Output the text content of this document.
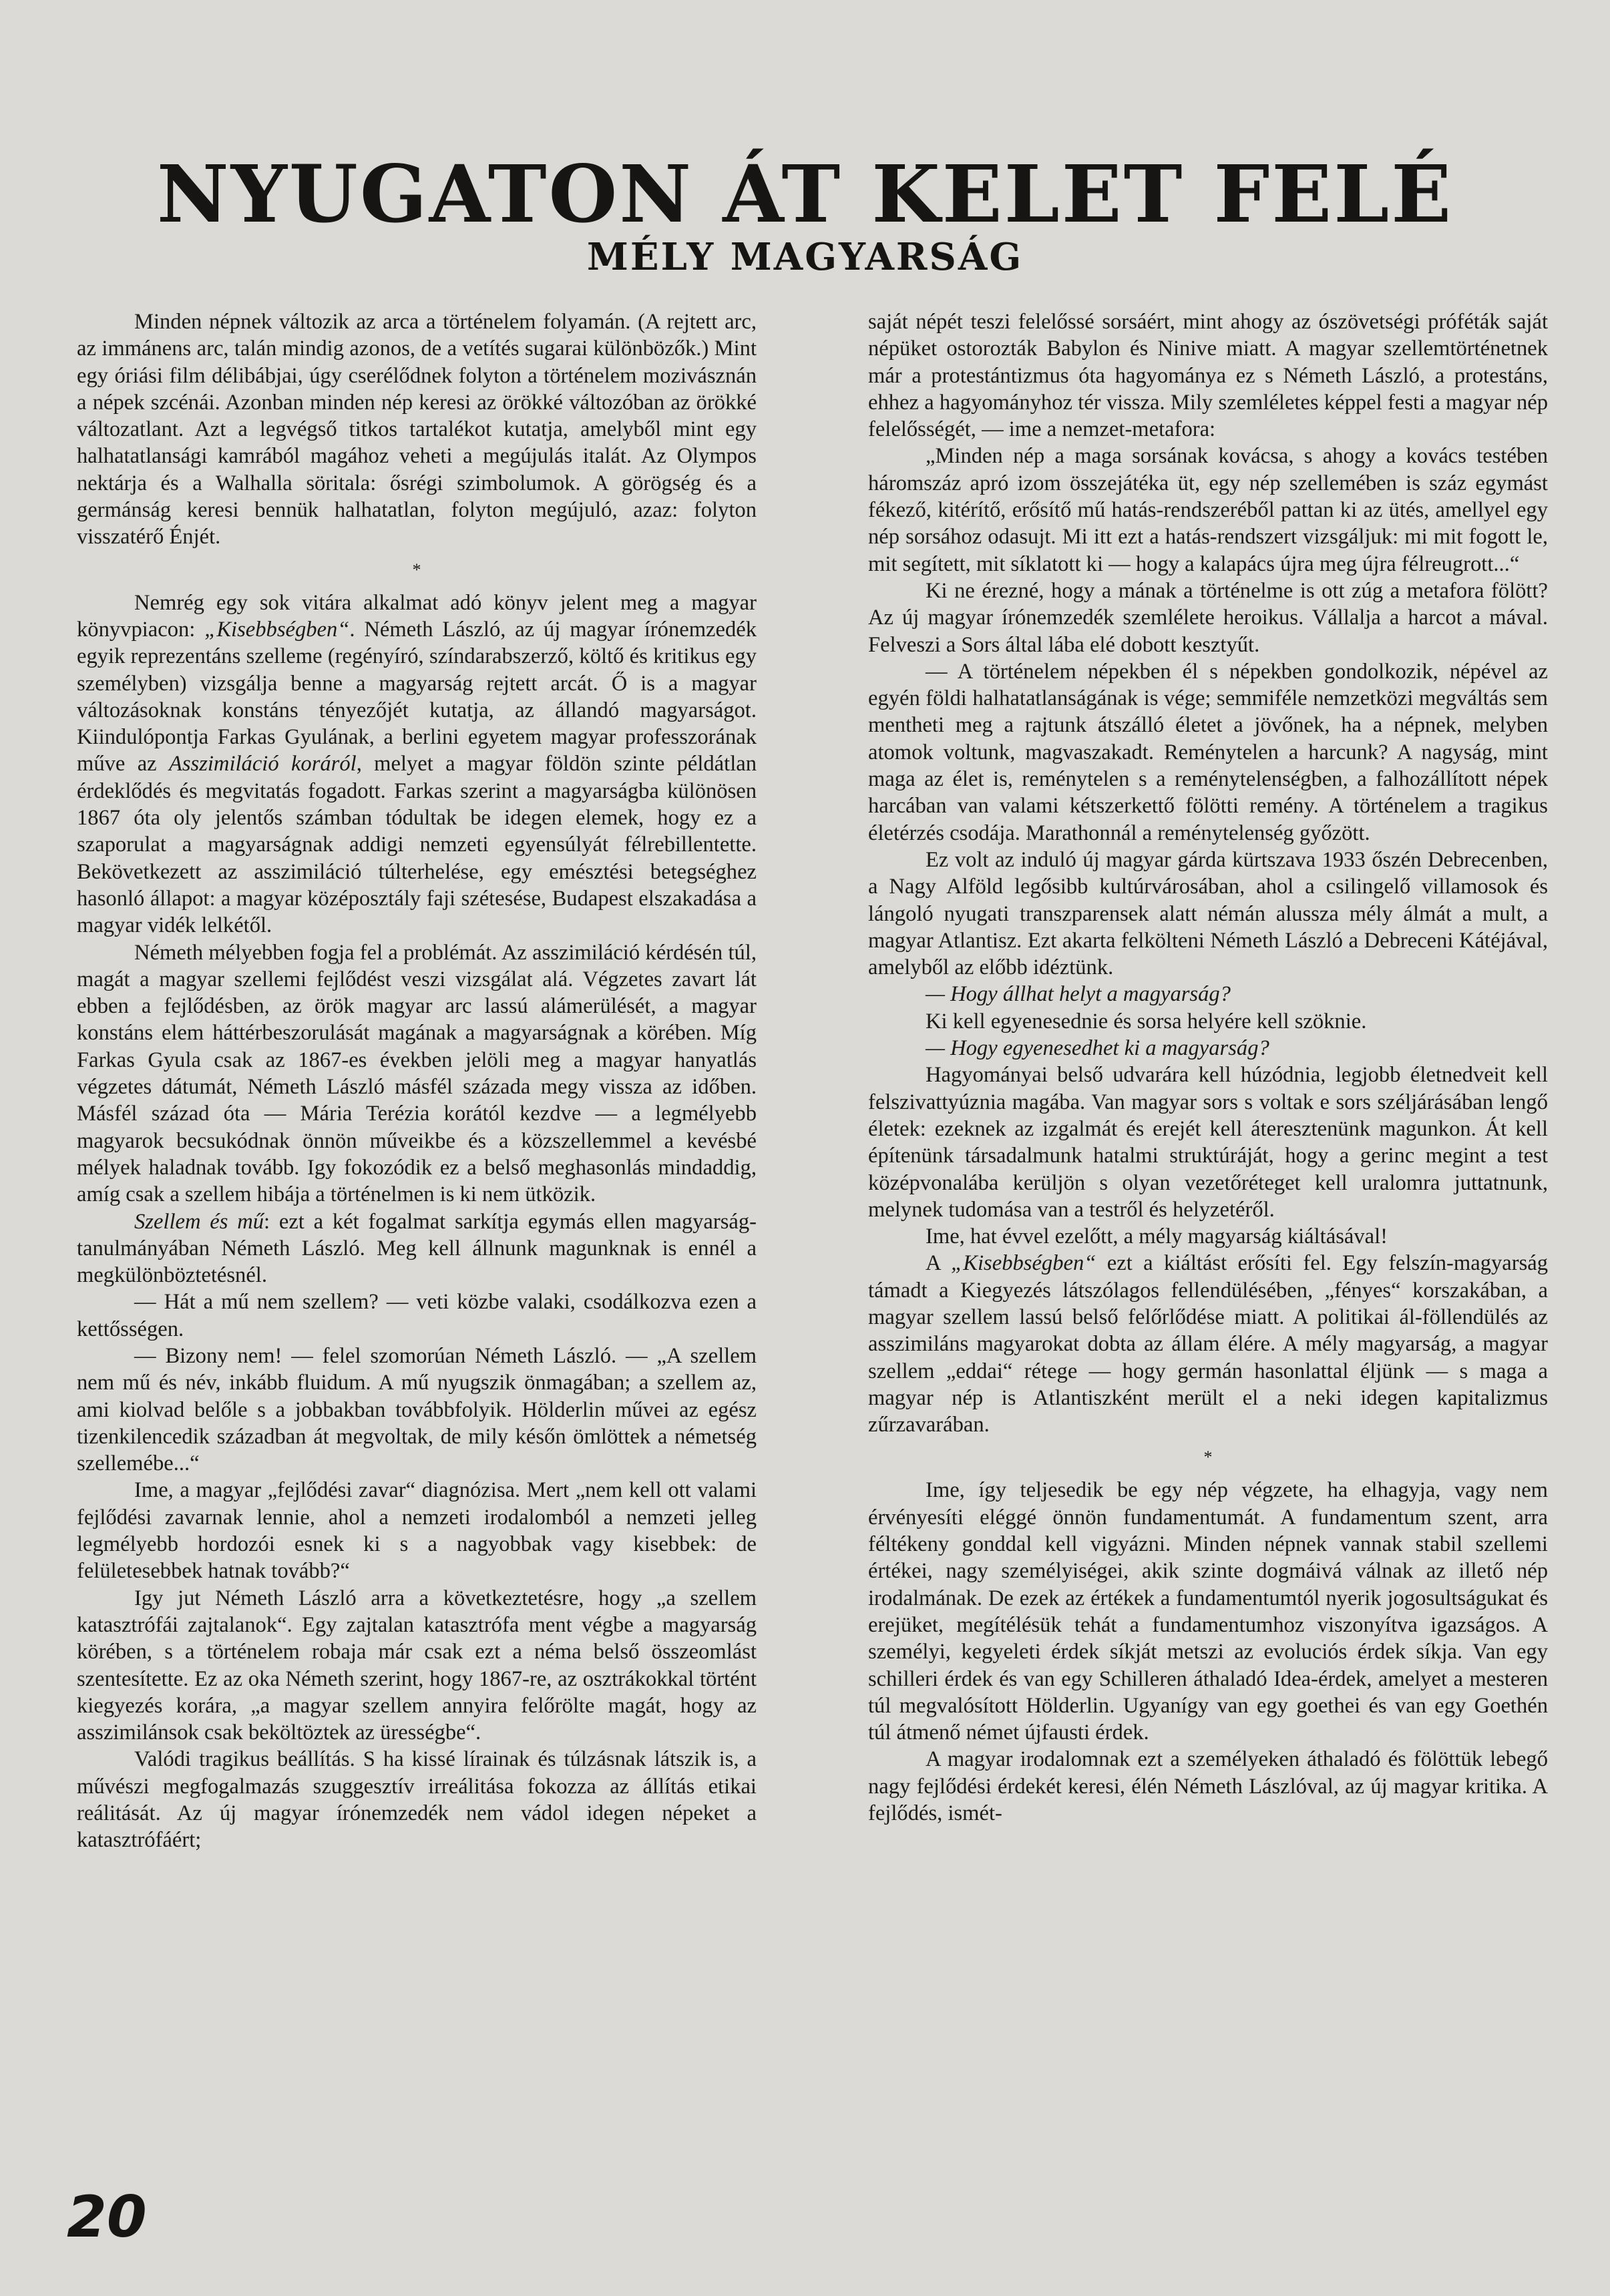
NYUGATON ÁT KELET FELÉ
MÉLY MAGYARSÁG

Minden népnek változik az arca a történelem folyamán. (A rejtett arc, az immánens arc, talán mindig azonos, de a vetítés sugarai különbözők.) Mint egy óriási film délibábjai, úgy cserélődnek folyton a történelem mozivásznán a népek szcénái. Azonban minden nép keresi az örökké változóban az örökké változatlant. Azt a legvégső titkos tartalékot kutatja, amelyből mint egy halhatatlansági kamrából magához veheti a megújulás italát. Az Olympos nektárja és a Walhalla söritala: ősrégi szimbolumok. A görögség és a germánság keresi bennük halhatatlan, folyton megújuló, azaz: folyton visszatérő Énjét.

*

Nemrég egy sok vitára alkalmat adó könyv jelent meg a magyar könyvpiacon: „Kisebbségben“. Németh László, az új magyar írónemzedék egyik reprezentáns szelleme (regényíró, színdarabszerző, költő és kritikus egy személyben) vizsgálja benne a magyarság rejtett arcát. Ő is a magyar változásoknak konstáns tényezőjét kutatja, az állandó magyarságot. Kiindulópontja Farkas Gyulának, a berlini egyetem magyar professzorának műve az Asszimiláció koráról, melyet a magyar földön szinte példátlan érdeklődés és megvitatás fogadott. Farkas szerint a magyarságba különösen 1867 óta oly jelentős számban tódultak be idegen elemek, hogy ez a szaporulat a magyarságnak addigi nemzeti egyensúlyát félrebillentette. Bekövetkezett az asszimiláció túlterhelése, egy emésztési betegséghez hasonló állapot: a magyar középosztály faji szétesése, Budapest elszakadása a magyar vidék lelkétől.

Németh mélyebben fogja fel a problémát. Az asszimiláció kérdésén túl, magát a magyar szellemi fejlődést veszi vizsgálat alá. Végzetes zavart lát ebben a fejlődésben, az örök magyar arc lassú alámerülését, a magyar konstáns elem háttérbeszorulását magának a magyarságnak a körében. Míg Farkas Gyula csak az 1867-es években jelöli meg a magyar hanyatlás végzetes dátumát, Németh László másfél százada megy vissza az időben. Másfél század óta — Mária Terézia korától kezdve — a legmélyebb magyarok becsukódnak önnön műveikbe és a közszellemmel a kevésbé mélyek haladnak tovább. Igy fokozódik ez a belső meghasonlás mindaddig, amíg csak a szellem hibája a történelmen is ki nem ütközik.

Szellem és mű: ezt a két fogalmat sarkítja egymás ellen magyarság-tanulmányában Németh László. Meg kell állnunk magunknak is ennél a megkülönböztetésnél.

— Hát a mű nem szellem? — veti közbe valaki, csodálkozva ezen a kettősségen.

— Bizony nem! — felel szomorúan Németh László. — „A szellem nem mű és név, inkább fluidum. A mű nyugszik önmagában; a szellem az, ami kiolvad belőle s a jobbakban továbbfolyik. Hölderlin művei az egész tizenkilencedik században át megvoltak, de mily későn ömlöttek a németség szellemébe...“

Ime, a magyar „fejlődési zavar“ diagnózisa. Mert „nem kell ott valami fejlődési zavarnak lennie, ahol a nemzeti irodalomból a nemzeti jelleg legmélyebb hordozói esnek ki s a nagyobbak vagy kisebbek: de felületesebbek hatnak tovább?“

Igy jut Németh László arra a következtetésre, hogy „a szellem katasztrófái zajtalanok“. Egy zajtalan katasztrófa ment végbe a magyarság körében, s a történelem robaja már csak ezt a néma belső összeomlást szentesítette. Ez az oka Németh szerint, hogy 1867-re, az osztrákokkal történt kiegyezés korára, „a magyar szellem annyira felőrölte magát, hogy az asszimilánsok csak beköltöztek az ürességbe“.

Valódi tragikus beállítás. S ha kissé lírainak és túlzásnak látszik is, a művészi megfogalmazás szuggesztív irreálitása fokozza az állítás etikai reálitását. Az új magyar írónemzedék nem vádol idegen népeket a katasztrófáért;

saját népét teszi felelőssé sorsáért, mint ahogy az ószövetségi próféták saját népüket ostorozták Babylon és Ninive miatt. A magyar szellemtörténetnek már a protestántizmus óta hagyománya ez s Németh László, a protestáns, ehhez a hagyományhoz tér vissza. Mily szemléletes képpel festi a magyar nép felelősségét, — ime a nemzet-metafora:

„Minden nép a maga sorsának kovácsa, s ahogy a kovács testében háromszáz apró izom összejátéka üt, egy nép szellemében is száz egymást fékező, kitérítő, erősítő mű hatás-rendszeréből pattan ki az ütés, amellyel egy nép sorsához odasujt. Mi itt ezt a hatás-rendszert vizsgáljuk: mi mit fogott le, mit segített, mit síklatott ki — hogy a kalapács újra meg újra félreugrott...“

Ki ne érezné, hogy a mának a történelme is ott zúg a metafora fölött? Az új magyar írónemzedék szemlélete heroikus. Vállalja a harcot a mával. Felveszi a Sors által lába elé dobott kesztyűt.

— A történelem népekben él s népekben gondolkozik, népével az egyén földi halhatatlanságának is vége; semmiféle nemzetközi megváltás sem mentheti meg a rajtunk átszálló életet a jövőnek, ha a népnek, melyben atomok voltunk, magvaszakadt. Reménytelen a harcunk? A nagyság, mint maga az élet is, reménytelen s a reménytelenségben, a falhozállított népek harcában van valami kétszerkettő fölötti remény. A történelem a tragikus életérzés csodája. Marathonnál a reménytelenség győzött.

Ez volt az induló új magyar gárda kürtszava 1933 őszén Debrecenben, a Nagy Alföld legősibb kultúrvárosában, ahol a csilingelő villamosok és lángoló nyugati transzparensek alatt némán alussza mély álmát a mult, a magyar Atlantisz. Ezt akarta felkölteni Németh László a Debreceni Kátéjával, amelyből az előbb idéztünk.

— Hogy állhat helyt a magyarság?

Ki kell egyenesednie és sorsa helyére kell szöknie.

— Hogy egyenesedhet ki a magyarság?

Hagyományai belső udvarára kell húzódnia, legjobb életnedveit kell felszivattyúznia magába. Van magyar sors s voltak e sors széljárásában lengő életek: ezeknek az izgalmát és erejét kell áteresztenünk magunkon. Át kell építenünk társadalmunk hatalmi struktúráját, hogy a gerinc megint a test középvonalába kerüljön s olyan vezetőréteget kell uralomra juttatnunk, melynek tudomása van a testről és helyzetéről.

Ime, hat évvel ezelőtt, a mély magyarság kiáltásával!

A „Kisebbségben“ ezt a kiáltást erősíti fel. Egy felszín-magyarság támadt a Kiegyezés látszólagos fellendülésében, „fényes“ korszakában, a magyar szellem lassú belső felőrlődése miatt. A politikai ál-föllendülés az asszimiláns magyarokat dobta az állam élére. A mély magyarság, a magyar szellem „eddai“ rétege — hogy germán hasonlattal éljünk — s maga a magyar nép is Atlantiszként merült el a neki idegen kapitalizmus zűrzavarában.

*

Ime, így teljesedik be egy nép végzete, ha elhagyja, vagy nem érvényesíti eléggé önnön fundamentumát. A fundamentum szent, arra féltékeny gonddal kell vigyázni. Minden népnek vannak stabil szellemi értékei, nagy személyiségei, akik szinte dogmáivá válnak az illető nép irodalmának. De ezek az értékek a fundamentumtól nyerik jogosultságukat és erejüket, megítélésük tehát a fundamentumhoz viszonyítva igazságos. A személyi, kegyeleti érdek síkját metszi az evoluciós érdek síkja. Van egy schilleri érdek és van egy Schilleren áthaladó Idea-érdek, amelyet a mesteren túl megvalósított Hölderlin. Ugyanígy van egy goethei és van egy Goethén túl átmenő német újfausti érdek.

A magyar irodalomnak ezt a személyeken áthaladó és fölöttük lebegő nagy fejlődési érdekét keresi, élén Németh Lászlóval, az új magyar kritika. A fejlődés, ismét-

20
